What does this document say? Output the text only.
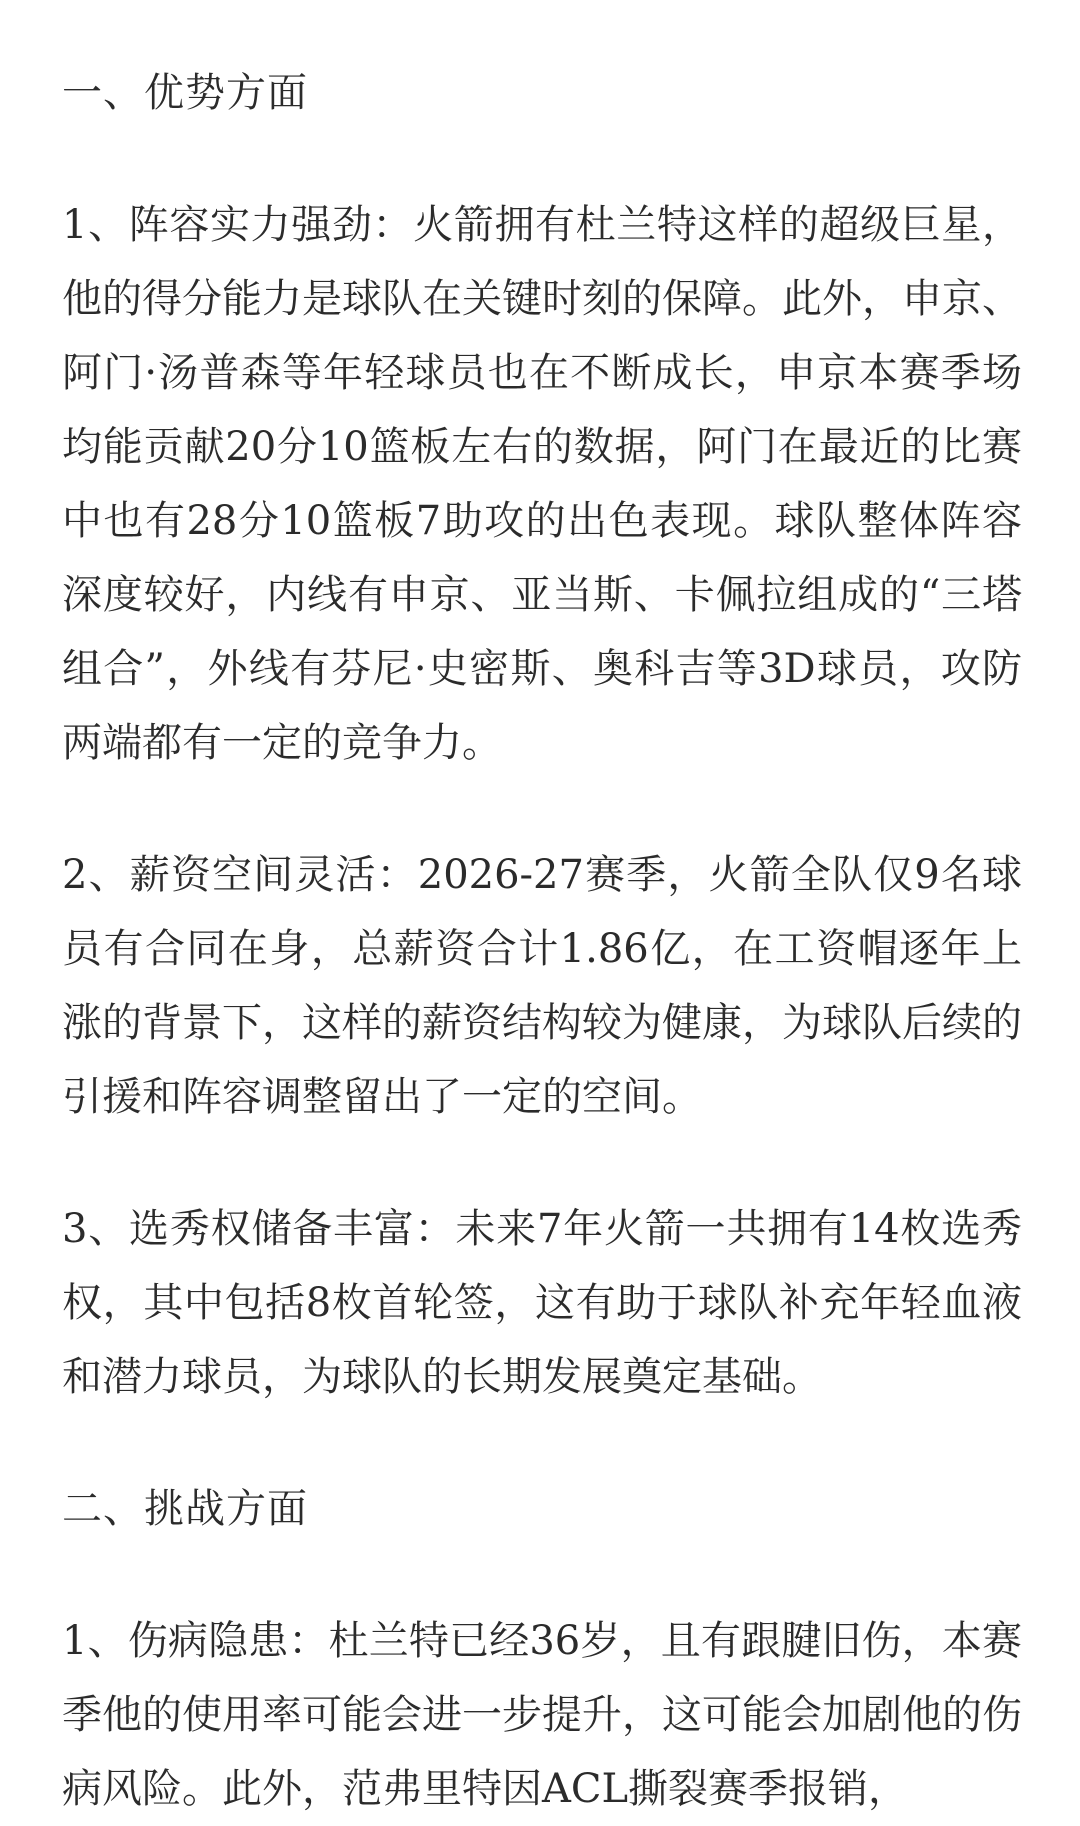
一、优势方面

1、阵容实力强劲：火箭拥有杜兰特这样的超级巨星，他的得分能力是球队在关键时刻的保障。此外，申京、阿门·汤普森等年轻球员也在不断成长，申京本赛季场均能贡献20分10篮板左右的数据，阿门在最近的比赛中也有28分10篮板7助攻的出色表现。球队整体阵容深度较好，内线有申京、亚当斯、卡佩拉组成的“三塔组合”，外线有芬尼·史密斯、奥科吉等3D球员，攻防两端都有一定的竞争力。

2、薪资空间灵活：2026-27赛季，火箭全队仅9名球员有合同在身，总薪资合计1.86亿，在工资帽逐年上涨的背景下，这样的薪资结构较为健康，为球队后续的引援和阵容调整留出了一定的空间。

3、选秀权储备丰富：未来7年火箭一共拥有14枚选秀权，其中包括8枚首轮签，这有助于球队补充年轻血液和潜力球员，为球队的长期发展奠定基础。

二、挑战方面

1、伤病隐患：杜兰特已经36岁，且有跟腱旧伤，本赛季他的使用率可能会进一步提升，这可能会加剧他的伤病风险。此外，范弗里特因ACL撕裂赛季报销，
